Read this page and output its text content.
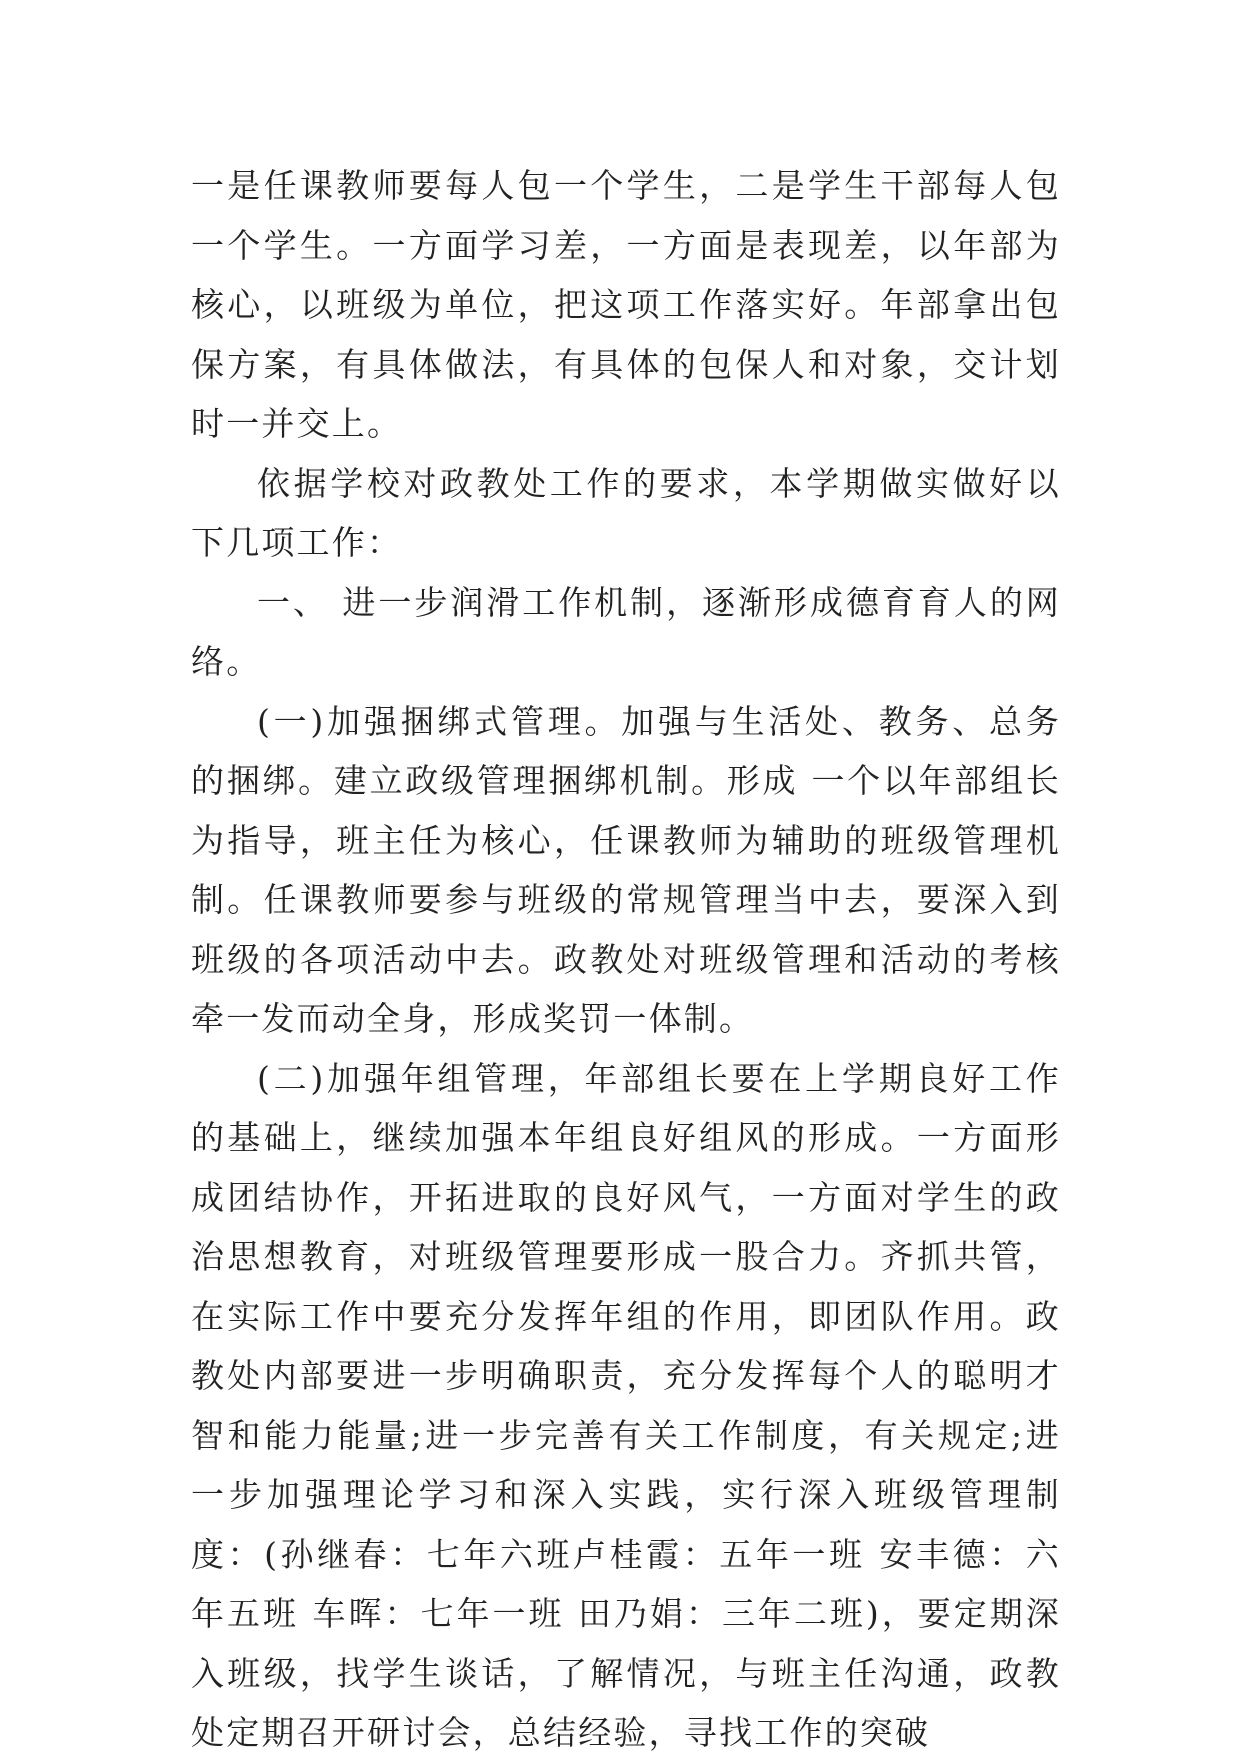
一是任课教师要每人包一个学生，二是学生干部每人包一个学生。一方面学习差，一方面是表现差，以年部为核心，以班级为单位，把这项工作落实好。年部拿出包保方案，有具体做法，有具体的包保人和对象，交计划时一并交上。

依据学校对政教处工作的要求，本学期做实做好以下几项工作：

一、 进一步润滑工作机制，逐渐形成德育育人的网络。

(一)加强捆绑式管理。加强与生活处、教务、总务的捆绑。建立政级管理捆绑机制。形成 一个以年部组长为指导，班主任为核心，任课教师为辅助的班级管理机制。任课教师要参与班级的常规管理当中去，要深入到班级的各项活动中去。政教处对班级管理和活动的考核牵一发而动全身，形成奖罚一体制。

(二)加强年组管理，年部组长要在上学期良好工作的基础上，继续加强本年组良好组风的形成。一方面形成团结协作，开拓进取的良好风气，一方面对学生的政治思想教育，对班级管理要形成一股合力。齐抓共管，在实际工作中要充分发挥年组的作用，即团队作用。政教处内部要进一步明确职责，充分发挥每个人的聪明才智和能力能量;进一步完善有关工作制度，有关规定;进一步加强理论学习和深入实践，实行深入班级管理制度：(孙继春：七年六班卢桂霞：五年一班 安丰德：六年五班 车晖：七年一班 田乃娟：三年二班)，要定期深入班级，找学生谈话，了解情况，与班主任沟通，政教处定期召开研讨会，总结经验，寻找工作的突破
